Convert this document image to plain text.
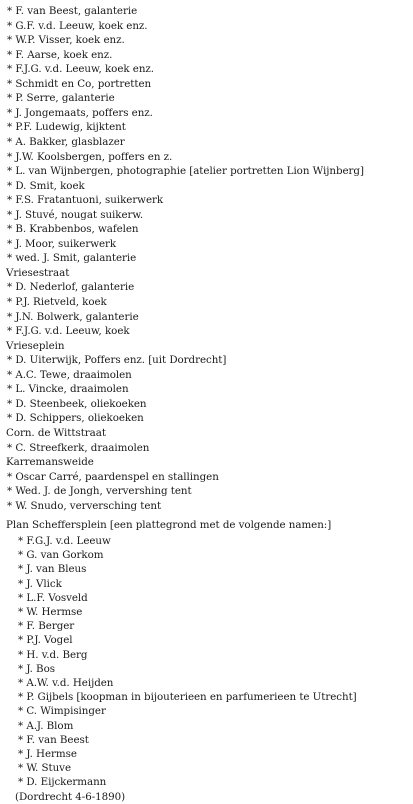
* F. van Beest, galanterie
* G.F. v.d. Leeuw, koek enz.
* W.P. Visser, koek enz.
* F. Aarse, koek enz.
* F.J.G. v.d. Leeuw, koek enz.
* Schmidt en Co, portretten
* P. Serre, galanterie
* J. Jongemaats, poffers enz.
* P.F. Ludewig, kijktent
* A. Bakker, glasblazer
* J.W. Koolsbergen, poffers en z.
* L. van Wijnbergen, photographie [atelier portretten Lion Wijnberg]
* D. Smit, koek
* F.S. Fratantuoni, suikerwerk
* J. Stuvé, nougat suikerw.
* B. Krabbenbos, wafelen
* J. Moor, suikerwerk
* wed. J. Smit, galanterie
Vriesestraat
* D. Nederlof, galanterie
* P.J. Rietveld, koek
* J.N. Bolwerk, galanterie
* F.J.G. v.d. Leeuw, koek
Vrieseplein
* D. Uiterwijk, Poffers enz. [uit Dordrecht]
* A.C. Tewe, draaimolen
* L. Vincke, draaimolen
* D. Steenbeek, oliekoeken
* D. Schippers, oliekoeken
Corn. de Wittstraat
* C. Streefkerk, draaimolen
Karremansweide
* Oscar Carré, paardenspel en stallingen
* Wed. J. de Jongh, ververshing tent
* W. Snudo, verversching tent
Plan Scheffersplein [een plattegrond met de volgende namen:]
* F.G.J. v.d. Leeuw
* G. van Gorkom
* J. van Bleus
* J. Vlick
* L.F. Vosveld
* W. Hermse
* F. Berger
* P.J. Vogel
* H. v.d. Berg
* J. Bos
* A.W. v.d. Heijden
* P. Gijbels [koopman in bijouterieen en parfumerieen te Utrecht]
* C. Wimpisinger
* A.J. Blom
* F. van Beest
* J. Hermse
* W. Stuve
* D. Eijckermann
(Dordrecht 4-6-1890)
